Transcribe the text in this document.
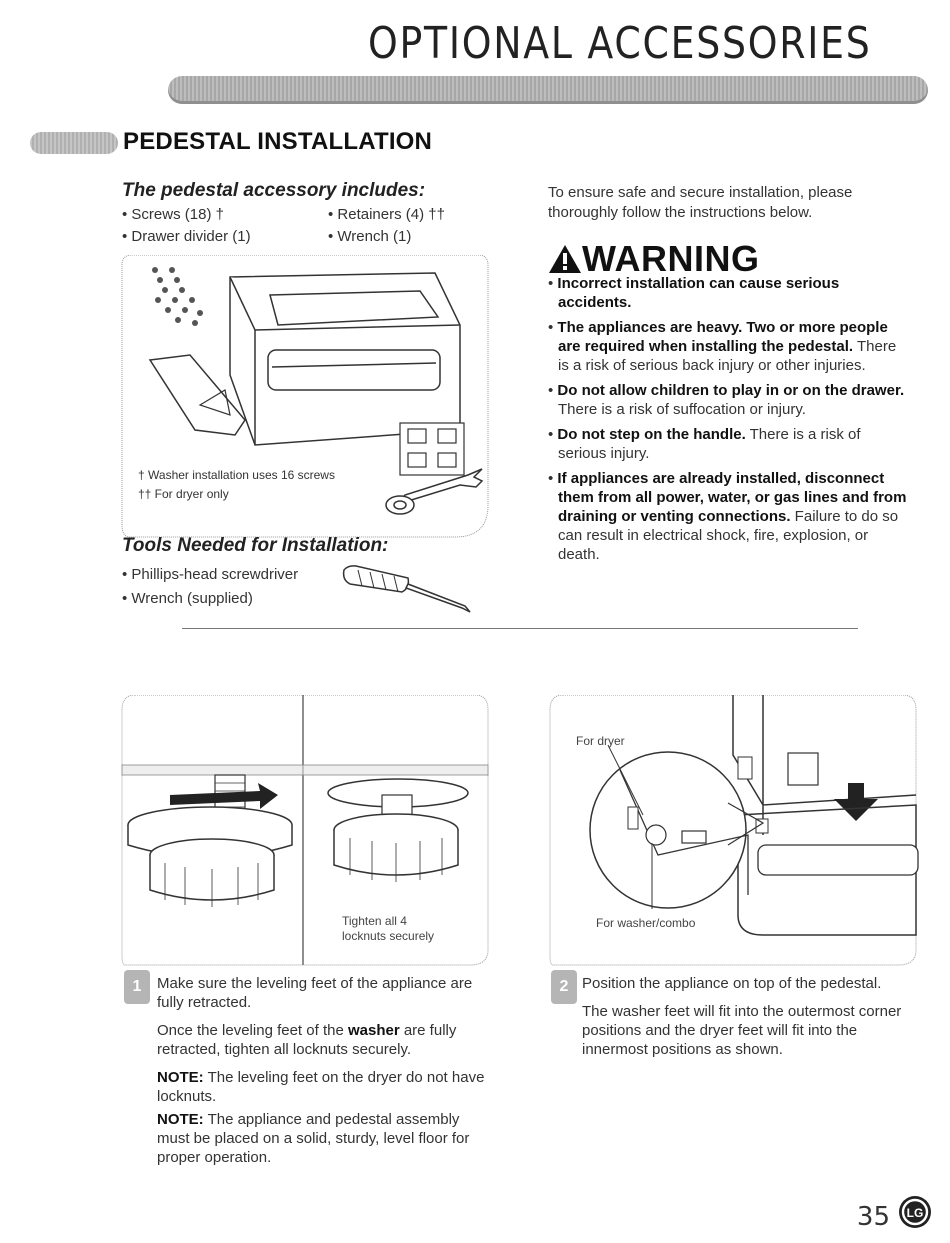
OPTIONAL ACCESSORIES
PEDESTAL INSTALLATION
The pedestal accessory includes:
• Screws (18) †	• Retainers (4) ††
• Drawer divider (1)	• Wrench (1)
† Washer installation uses 16 screws
†† For dryer only
Tools Needed for Installation:
• Phillips-head screwdriver
• Wrench (supplied)
To ensure safe and secure installation, please thoroughly follow the instructions below.
WARNING
• Incorrect installation can cause serious accidents.
• The appliances are heavy. Two or more people are required when installing the pedestal. There is a risk of serious back injury or other injuries.
• Do not allow children to play in or on the drawer. There is a risk of suffocation or injury.
• Do not step on the handle. There is a risk of serious injury.
• If appliances are already installed, disconnect them from all power, water, or gas lines and from draining or venting connections. Failure to do so can result in electrical shock, fire, explosion, or death.
Tighten all 4
locknuts securely
1	Make sure the leveling feet of the appliance are fully retracted.

Once the leveling feet of the washer are fully retracted, tighten all locknuts securely.

NOTE: The leveling feet on the dryer do not have locknuts.

NOTE: The appliance and pedestal assembly must be placed on a solid, sturdy, level floor for proper operation.

For dryer
For washer/combo
2 Position the appliance on top of the pedestal.

The washer feet will fit into the outermost corner positions and the dryer feet will fit into the innermost positions as shown.

35 LG
